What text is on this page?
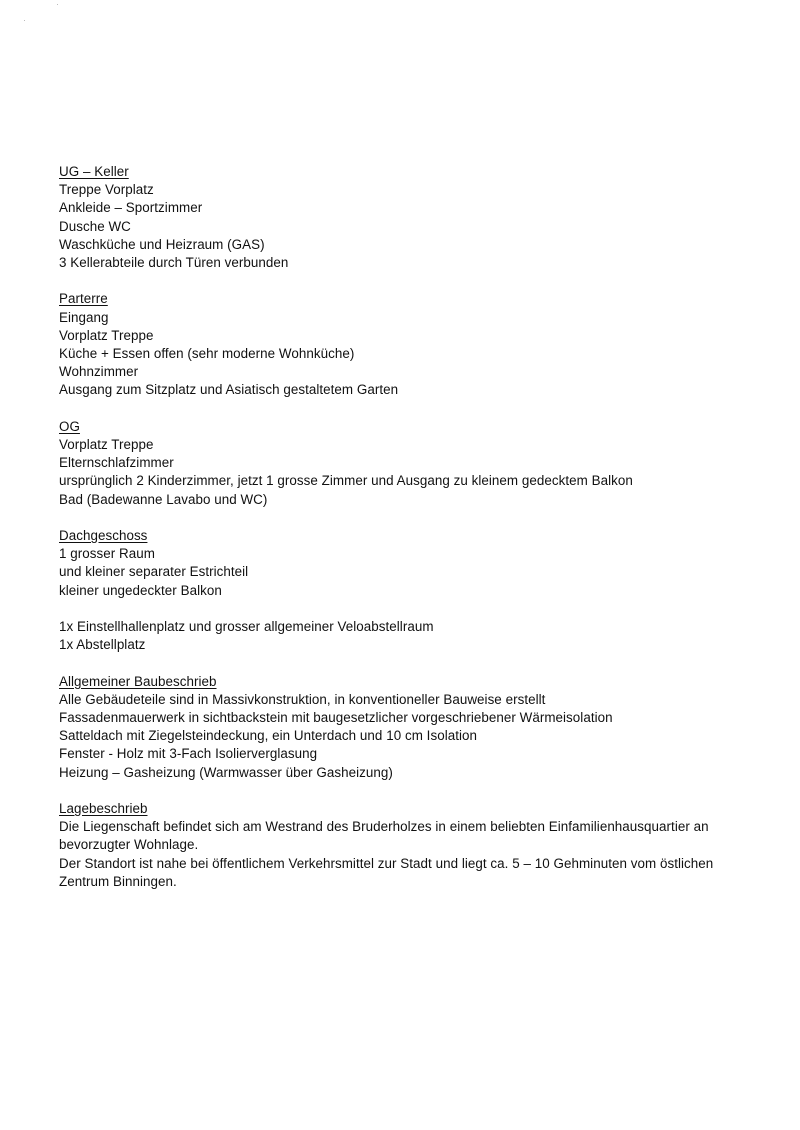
UG – Keller
Treppe Vorplatz
Ankleide – Sportzimmer
Dusche WC
Waschküche und Heizraum (GAS)
3 Kellerabteile durch Türen verbunden
Parterre
Eingang
Vorplatz Treppe
Küche + Essen offen (sehr moderne Wohnküche)
Wohnzimmer
Ausgang zum Sitzplatz und Asiatisch gestaltetem Garten
OG
Vorplatz Treppe
Elternschlafzimmer
ursprünglich 2 Kinderzimmer, jetzt 1 grosse Zimmer und Ausgang zu kleinem gedecktem Balkon
Bad (Badewanne Lavabo und WC)
Dachgeschoss
1 grosser Raum
und kleiner separater Estrichteil
kleiner ungedeckter Balkon
1x Einstellhallenplatz und grosser allgemeiner Veloabstellraum
1x Abstellplatz
Allgemeiner Baubeschrieb
Alle Gebäudeteile sind in Massivkonstruktion, in konventioneller Bauweise erstellt
Fassadenmauerwerk in sichtbackstein mit baugesetzlicher vorgeschriebener Wärmeisolation
Satteldach mit Ziegelsteindeckung, ein Unterdach und 10 cm Isolation
Fenster - Holz mit 3-Fach Isolierverglasung
Heizung – Gasheizung (Warmwasser über Gasheizung)
Lagebeschrieb
Die Liegenschaft befindet sich am Westrand des Bruderholzes in einem beliebten Einfamilienhausquartier an bevorzugter Wohnlage.
Der Standort ist nahe bei öffentlichem Verkehrsmittel zur Stadt und liegt ca. 5 – 10 Gehminuten vom östlichen Zentrum Binningen.
